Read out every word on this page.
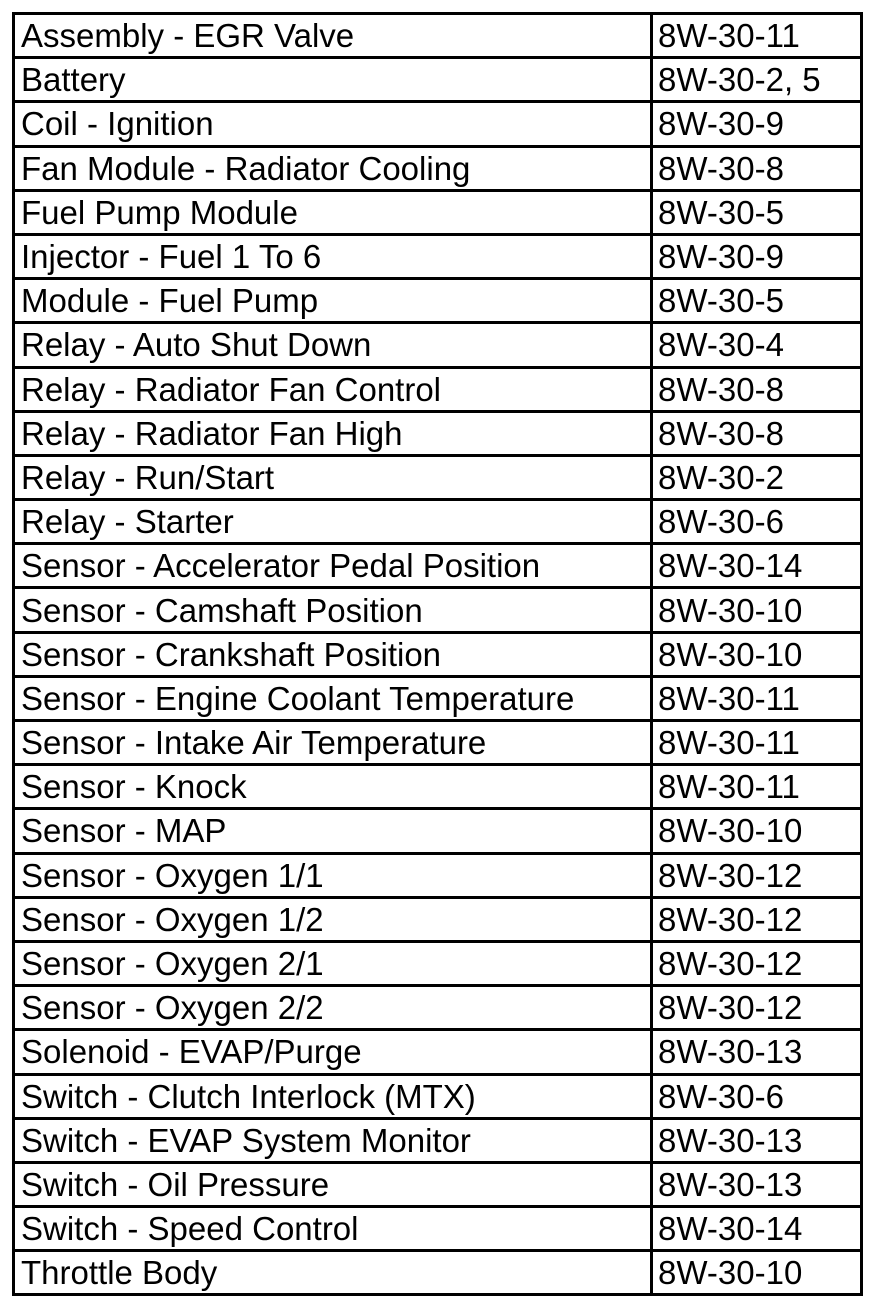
Assembly - EGR Valve	8W-30-11
Battery	8W-30-2, 5
Coil - Ignition	8W-30-9
Fan Module - Radiator Cooling	8W-30-8
Fuel Pump Module	8W-30-5
Injector - Fuel 1 To 6	8W-30-9
Module - Fuel Pump	8W-30-5
Relay - Auto Shut Down	8W-30-4
Relay - Radiator Fan Control	8W-30-8
Relay - Radiator Fan High	8W-30-8
Relay - Run/Start	8W-30-2
Relay - Starter	8W-30-6
Sensor - Accelerator Pedal Position	8W-30-14
Sensor - Camshaft Position	8W-30-10
Sensor - Crankshaft Position	8W-30-10
Sensor - Engine Coolant Temperature	8W-30-11
Sensor - Intake Air Temperature	8W-30-11
Sensor - Knock	8W-30-11
Sensor - MAP	8W-30-10
Sensor - Oxygen 1/1	8W-30-12
Sensor - Oxygen 1/2	8W-30-12
Sensor - Oxygen 2/1	8W-30-12
Sensor - Oxygen 2/2	8W-30-12
Solenoid - EVAP/Purge	8W-30-13
Switch - Clutch Interlock (MTX)	8W-30-6
Switch - EVAP System Monitor	8W-30-13
Switch - Oil Pressure	8W-30-13
Switch - Speed Control	8W-30-14
Throttle Body	8W-30-10
